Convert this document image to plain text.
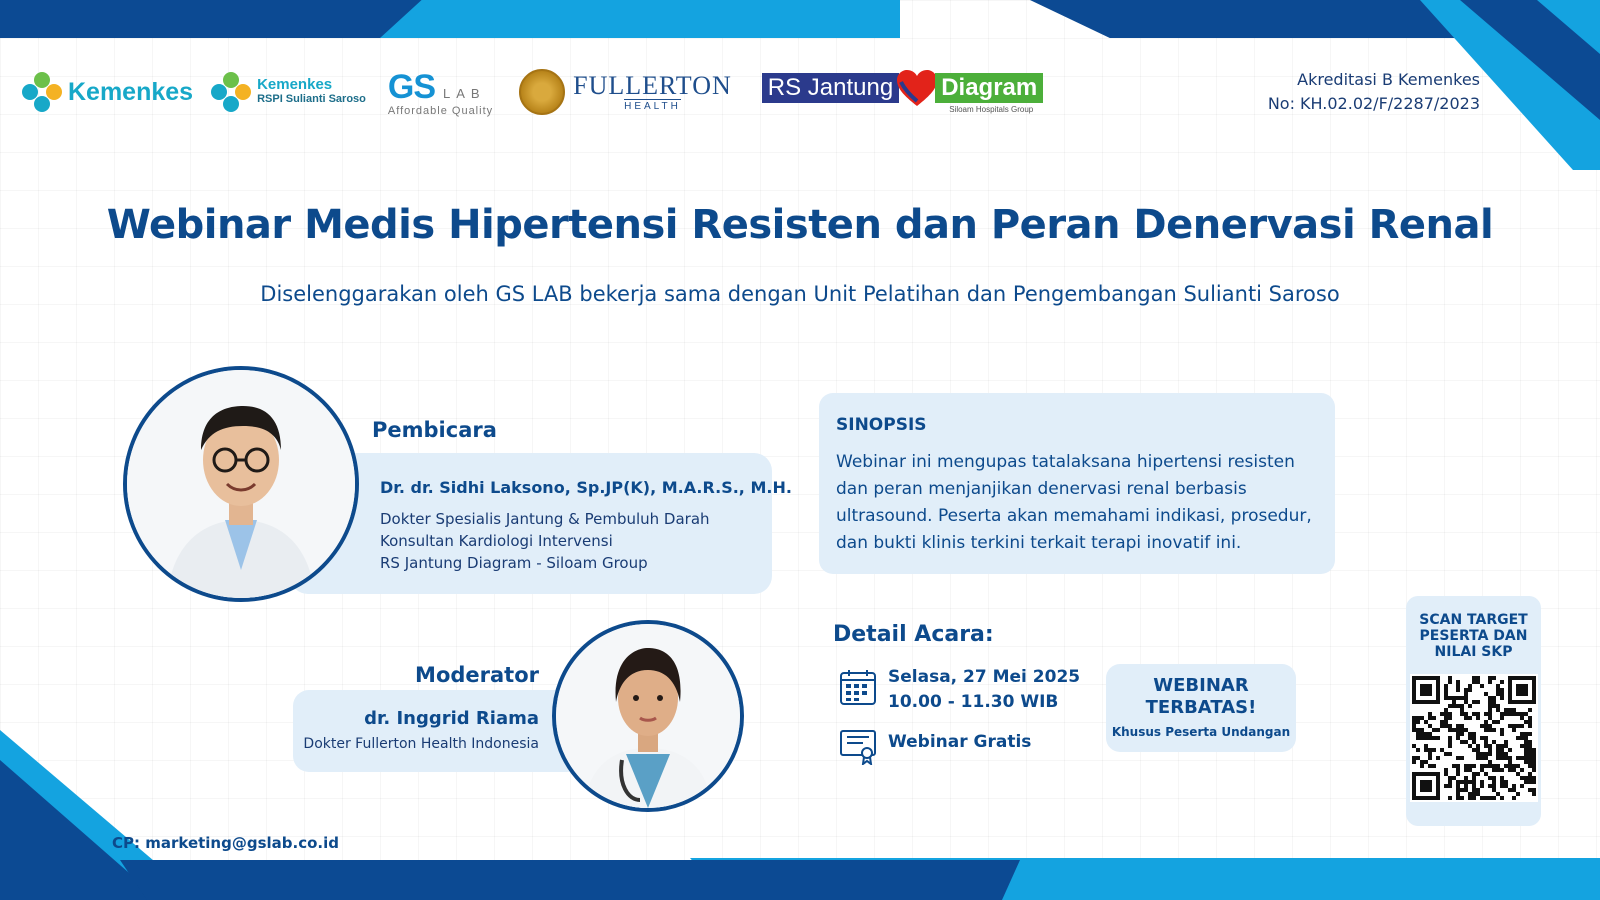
Kemenkes	Kemenkes
RSPI Sulianti Saroso GS LAB
Affordable Quality
FULLERTON
HEALTH
RS Jantung Diagram
Siloam Hospitals Group
Akreditasi B Kemenkes
No: KH.02.02/F/2287/2023
Webinar Medis Hipertensi Resisten dan Peran Denervasi Renal
Diselenggarakan oleh GS LAB bekerja sama dengan Unit Pelatihan dan Pengembangan Sulianti Saroso
Pembicara
Dr. dr. Sidhi Laksono, Sp.JP(K), M.A.R.S., M.H.
Dokter Spesialis Jantung & Pembuluh Darah
Konsultan Kardiologi Intervensi
RS Jantung Diagram - Siloam Group
Moderator
dr. Inggrid Riama
Dokter Fullerton Health Indonesia
SINOPSIS
Webinar ini mengupas tatalaksana hipertensi resisten dan peran menjanjikan denervasi renal berbasis ultrasound. Peserta akan memahami indikasi, prosedur, dan bukti klinis terkini terkait terapi inovatif ini.
Detail Acara:
Selasa, 27 Mei 2025
10.00 - 11.30 WIB
Webinar Gratis
WEBINAR
TERBATAS!
Khusus Peserta Undangan
SCAN TARGET PESERTA DAN NILAI SKP
CP: marketing@gslab.co.id
